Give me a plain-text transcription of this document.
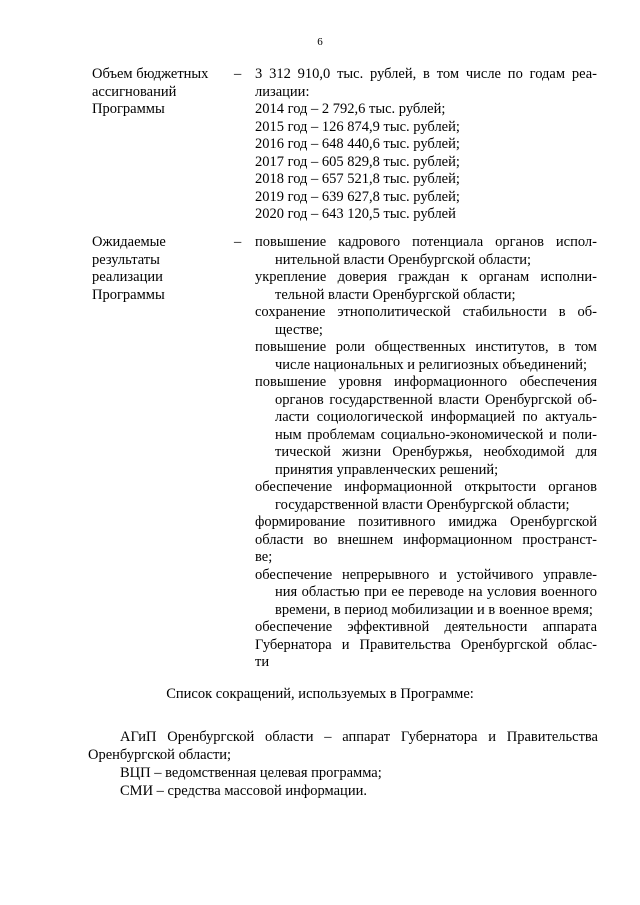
6
Объем бюджетных
ассигнований
Программы
– 3 312 910,0 тыс. рублей, в том числе по годам реа-
лизации:
2014 год – 2 792,6 тыс. рублей;
2015 год – 126 874,9 тыс. рублей;
2016 год – 648 440,6 тыс. рублей;
2017 год – 605 829,8 тыс. рублей;
2018 год – 657 521,8 тыс. рублей;
2019 год – 639 627,8 тыс. рублей;
2020 год – 643 120,5 тыс. рублей
Ожидаемые
результаты
реализации
Программы
– повышение кадрового потенциала органов испол-
нительной власти Оренбургской области;
укрепление доверия граждан к органам исполни-
тельной власти Оренбургской области;
сохранение этнополитической стабильности в об-
ществе;
повышение роли общественных институтов, в том
числе национальных и религиозных объединений;
повышение уровня информационного обеспечения
органов государственной власти Оренбургской об-
ласти социологической информацией по актуаль-
ным проблемам социально-экономической и поли-
тической жизни Оренбуржья, необходимой для
принятия управленческих решений;
обеспечение информационной открытости органов
государственной власти Оренбургской области;
формирование позитивного имиджа Оренбургской
области во внешнем информационном пространст-
ве;
обеспечение непрерывного и устойчивого управле-
ния областью при ее переводе на условия военного
времени, в период мобилизации и в военное время;
обеспечение эффективной деятельности аппарата
Губернатора и Правительства Оренбургской облас-
ти
Список сокращений, используемых в Программе:
АГиП Оренбургской области – аппарат Губернатора и Правительства Оренбургской области;
ВЦП – ведомственная целевая программа;
СМИ – средства массовой информации.
